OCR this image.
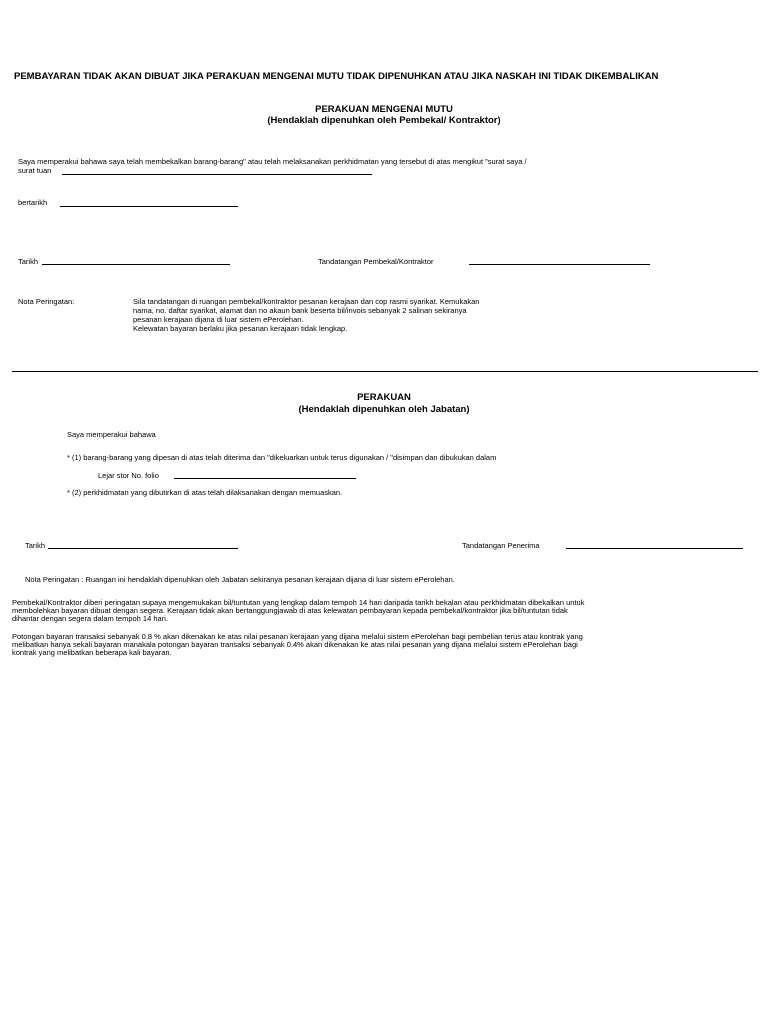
PEMBAYARAN TIDAK AKAN DIBUAT JIKA PERAKUAN MENGENAI MUTU TIDAK DIPENUHKAN ATAU JIKA NASKAH INI TIDAK DIKEMBALIKAN
PERAKUAN MENGENAI MUTU
(Hendaklah dipenuhkan oleh Pembekal/ Kontraktor)
Saya memperakui bahawa saya telah membekalkan barang-barang" atau telah melaksanakan perkhidmatan yang tersebut di atas mengikut "surat saya /
surat tuan
bertarikh
Tarikh	Tandatangan Pembekal/Kontraktor
Nota Peringatan:	Sila tandatangan di ruangan pembekal/kontraktor pesanan kerajaan dan cop rasmi syarikat. Kemukakan
nama, no. daftar syarikat, alamat dan no akaun bank beserta bil/invois sebanyak 2 salinan sekiranya
pesanan kerajaan dijana di luar sistem ePerolehan.
Kelewatan bayaran berlaku jika pesanan kerajaan tidak lengkap.
PERAKUAN
(Hendaklah dipenuhkan oleh Jabatan)
Saya memperakui bahawa
* (1) barang-barang yang dipesan di atas telah diterima dan "dikeluarkan untuk terus digunakan / "disimpan dan dibukukan dalam
Lejar stor No. folio
* (2) perkhidmatan yang dibutirkan di atas telah dilaksanakan dengan memuaskan.
Tarikh	Tandatangan Penerima
Nota Peringatan : Ruangan ini hendaklah dipenuhkan oleh Jabatan sekiranya pesanan kerajaan dijana di luar sistem ePerolehan.
Pembekal/Kontraktor diberi peringatan supaya mengemukakan bil/tuntutan yang lengkap dalam tempoh 14 hari daripada tarikh bekalan atau perkhidmatan dibekalkan untuk
membolehkan bayaran dibuat dengan segera. Kerajaan tidak akan bertanggungjawab di atas kelewatan pembayaran kepada pembekal/kontraktor jika bil/tuntutan tidak
dihantar dengan segera dalam tempoh 14 hari.
Potongan bayaran transaksi sebanyak 0.8 % akan dikenakan ke atas nilai pesanan kerajaan yang dijana melalui sistem ePerolehan bagi pembelian terus atau kontrak yang
melibatkan hanya sekali bayaran manakala potongan bayaran transaksi sebanyak 0.4% akan dikenakan ke atas nilai pesanan yang dijana melalui sistem ePerolehan bagi
kontrak yang melibatkan beberapa kali bayaran.
